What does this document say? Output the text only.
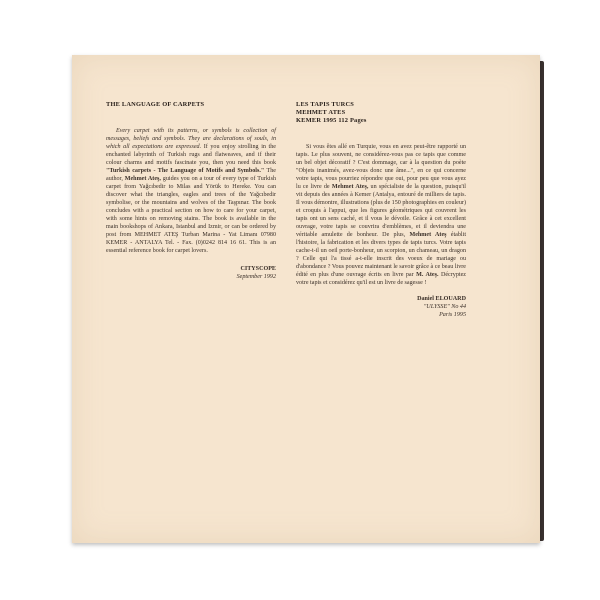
THE LANGUAGE OF CARPETS
Every carpet with its patterns, or symbols is collection of messages, beliefs and symbols. They are declarations of souls, in which all expectations are expressed. If you enjoy strolling in the enchanted labyrinth of Turkish rugs and flatweaves, and if their colour charms and motifs fascinate you, then you need this book "Turkish carpets - The Language of Motifs and Symbols." The author, Mehmet Ateş, guides you on a tour of every type of Turkish carpet from Yağcıbedir to Milas and Yörük to Hereke. You can discover what the triangles, eagles and trees of the Yağcıbedir symbolise, or the mountains and wolves of the Taşpınar. The book concludes with a practical section on how to care for your carpet, with some hints on removing stains. The book is available in the main bookshops of Ankara, Istanbul and Izmir, or can be ordered by post from MEHMET ATEŞ Turban Marina - Yat Limanı 07980 KEMER - ANTALYA Tel. - Fax. (0)0242 814 16 61. This is an essential reference book for carpet lovers.
CITYSCOPE
September 1992
LES TAPIS TURCS
MEHMET ATES
KEMER 1995 112 Pages
Si vous êtes allé en Turquie, vous en avez peut-être rapporté un tapis. Le plus souvent, ne considérez-vous pas ce tapis que comme un bel objet décoratif ? C'est dommage, car à la question du poète "Objets inanimés, avez-vous donc une âme...", en ce qui concerne votre tapis, vous pourriez répondre que oui, pour peu que vous ayez lu ce livre de Mehmet Ateş, un spécialiste de la question, puisqu'il vit depuis des années à Kemer (Antalya, entouré de milliers de tapis. Il vous démontre, illustrations (plus de 150 photographies en couleur) et croquis à l'appui, que les figures géométriques qui couvrent les tapis ont un sens caché, et il vous le dévoile. Grâce à cet excellent ouvrage, votre tapis se couvrira d'emblèmes, et il deviendra une véritable amulette de bonheur. De plus, Mehmet Ateş établit l'histoire, la fabrication et les divers types de tapis turcs. Votre tapis cache-t-il un oeil porte-bonheur, un scorpion, un chameau, un dragon ? Celle qui l'a tissé a-t-elle inscrit des voeux de mariage ou d'abondance ? Vous pouvez maintenant le savoir grâce à ce beau livre édité en plus d'une ouvrage écrits en livre par M. Ateş. Décryptez votre tapis et considérez qu'il est un livre de sagesse !
Daniel ELOUARD
"ULYSSE" No 44
Paris 1995
